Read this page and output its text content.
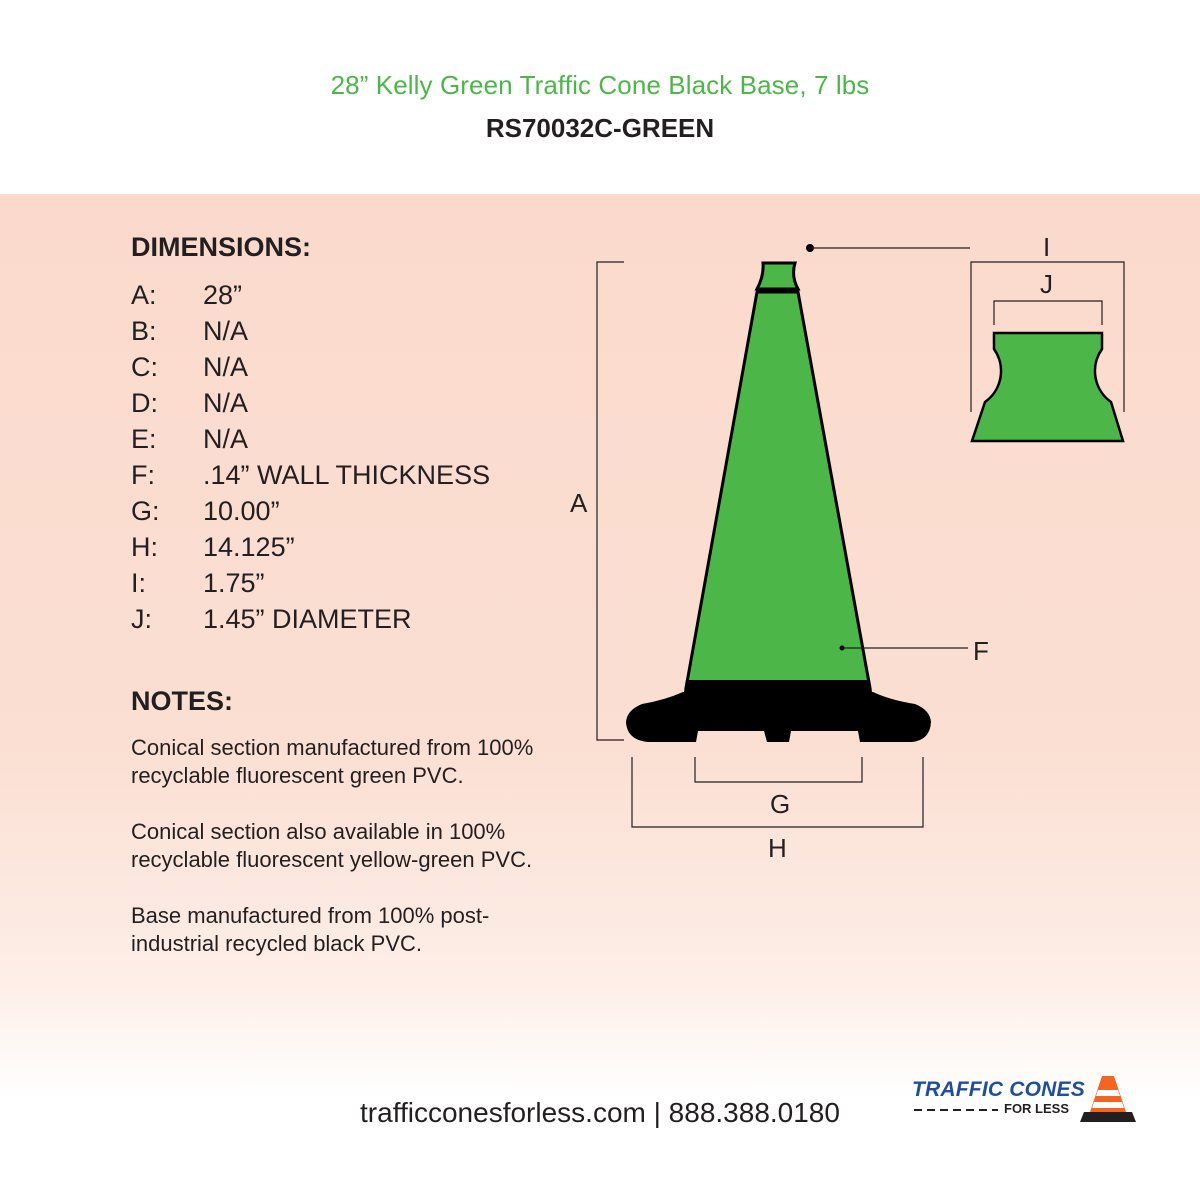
28” Kelly Green Traffic Cone Black Base, 7 lbs
RS70032C-GREEN
DIMENSIONS:
A: 28”
B: N/A
C: N/A
D: N/A
E: N/A
F: .14” WALL THICKNESS
G: 10.00”
H: 14.125”
I: 1.75”
J: 1.45” DIAMETER
NOTES:

Conical section manufactured from 100% recyclable fluorescent green PVC.

Conical section also available in 100% recyclable fluorescent yellow-green PVC.

Base manufactured from 100% post-industrial recycled black PVC.

A
F
G
H
I
J
trafficconesforless.com | 888.388.0180
TRAFFIC CONES
FOR LESS
